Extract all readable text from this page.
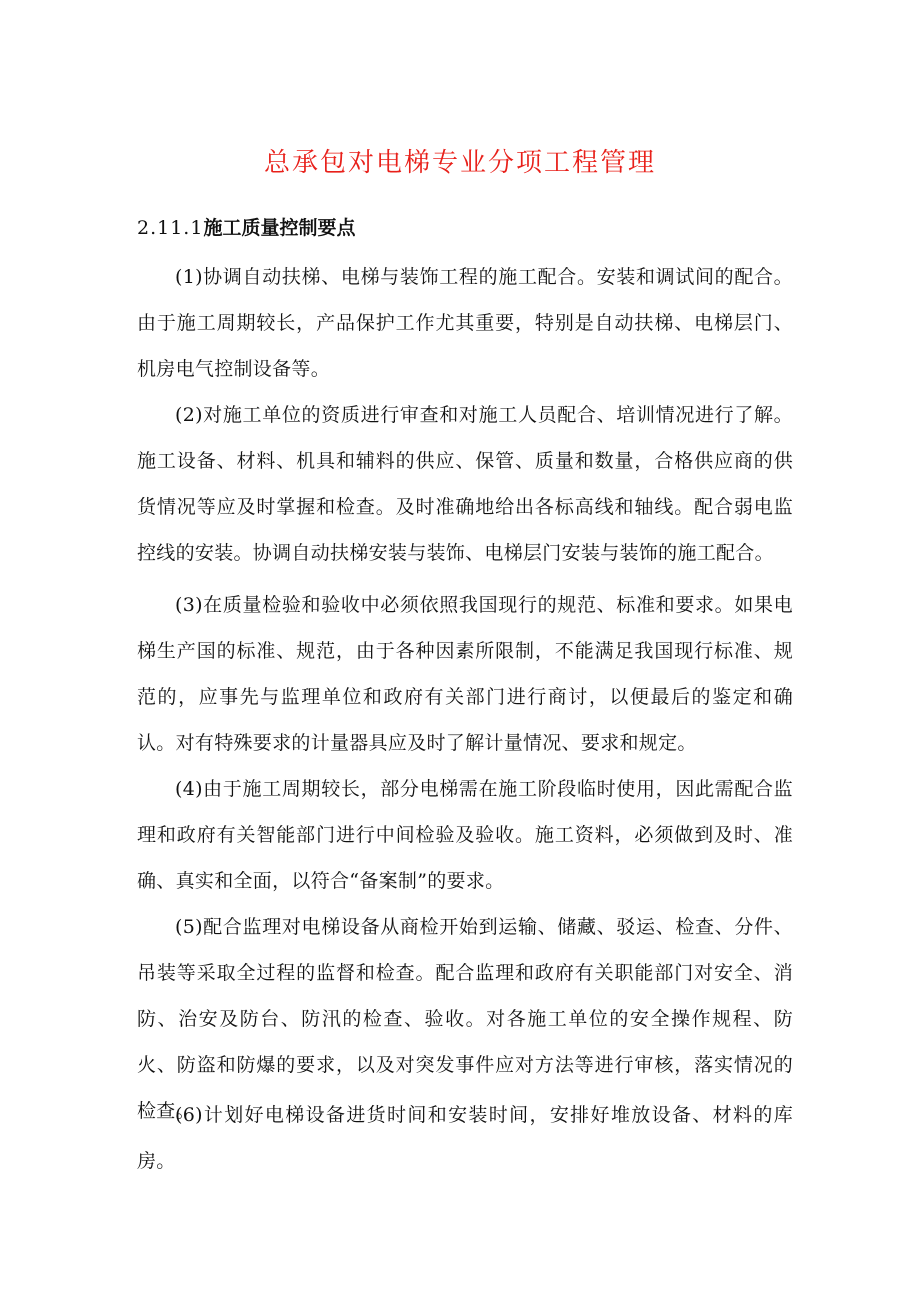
总承包对电梯专业分项工程管理
2.11.1施工质量控制要点

(1)协调自动扶梯、电梯与装饰工程的施工配合。安装和调试间的配合。由于施工周期较长，产品保护工作尤其重要，特别是自动扶梯、电梯层门、机房电气控制设备等。

(2)对施工单位的资质进行审查和对施工人员配合、培训情况进行了解。施工设备、材料、机具和辅料的供应、保管、质量和数量，合格供应商的供货情况等应及时掌握和检查。及时准确地给出各标高线和轴线。配合弱电监控线的安装。协调自动扶梯安装与装饰、电梯层门安装与装饰的施工配合。

(3)在质量检验和验收中必须依照我国现行的规范、标准和要求。如果电梯生产国的标准、规范，由于各种因素所限制，不能满足我国现行标准、规范的，应事先与监理单位和政府有关部门进行商讨，以便最后的鉴定和确认。对有特殊要求的计量器具应及时了解计量情况、要求和规定。

(4)由于施工周期较长，部分电梯需在施工阶段临时使用，因此需配合监理和政府有关智能部门进行中间检验及验收。施工资料，必须做到及时、准确、真实和全面，以符合“备案制”的要求。

(5)配合监理对电梯设备从商检开始到运输、储藏、驳运、检查、分件、吊装等采取全过程的监督和检查。配合监理和政府有关职能部门对安全、消防、治安及防台、防汛的检查、验收。对各施工单位的安全操作规程、防火、防盗和防爆的要求，以及对突发事件应对方法等进行审核，落实情况的检查。

(6)计划好电梯设备进货时间和安装时间，安排好堆放设备、材料的库房。
